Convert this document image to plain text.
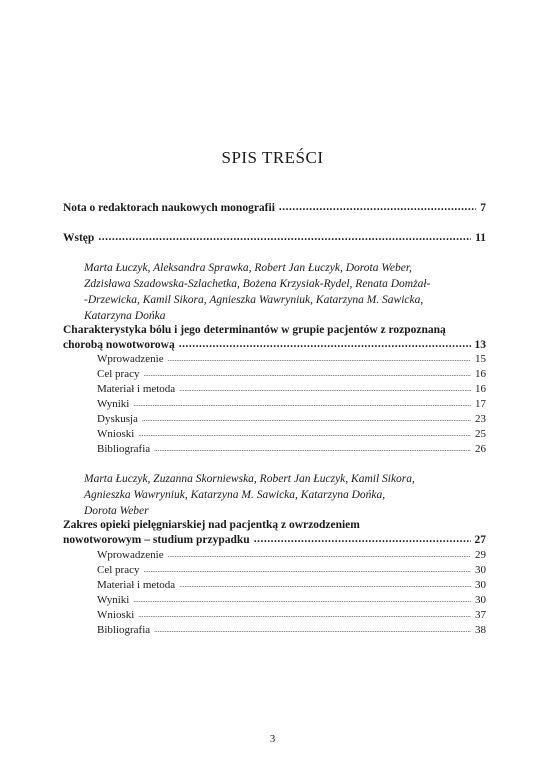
SPIS TREŚCI
Nota o redaktorach naukowych monografii .....	7
Wstęp .....	11
Marta Łuczyk, Aleksandra Sprawka, Robert Jan Łuczyk, Dorota Weber,
Zdzisława Szadowska-Szlachetka, Bożena Krzysiak-Rydel, Renata Domżał-
-Drzewicka, Kamil Sikora, Agnieszka Wawryniuk, Katarzyna M. Sawicka,
Katarzyna Dońka
Charakterystyka bólu i jego determinantów w grupie pacjentów z rozpoznaną
chorobą nowotworową .....	13
Wprowadzenie .....	15
Cel pracy .....	16
Materiał i metoda .....	16
Wyniki .....	17
Dyskusja .....	23
Wnioski .....	25
Bibliografia .....	26
Marta Łuczyk, Zuzanna Skorniewska, Robert Jan Łuczyk, Kamil Sikora,
Agnieszka Wawryniuk, Katarzyna M. Sawicka, Katarzyna Dońka,
Dorota Weber
Zakres opieki pielęgniarskiej nad pacjentką z owrzodzeniem
nowotworowym – studium przypadku .....	27
Wprowadzenie .....	29
Cel pracy .....	30
Materiał i metoda .....	30
Wyniki .....	30
Wnioski .....	37
Bibliografia .....	38
3
